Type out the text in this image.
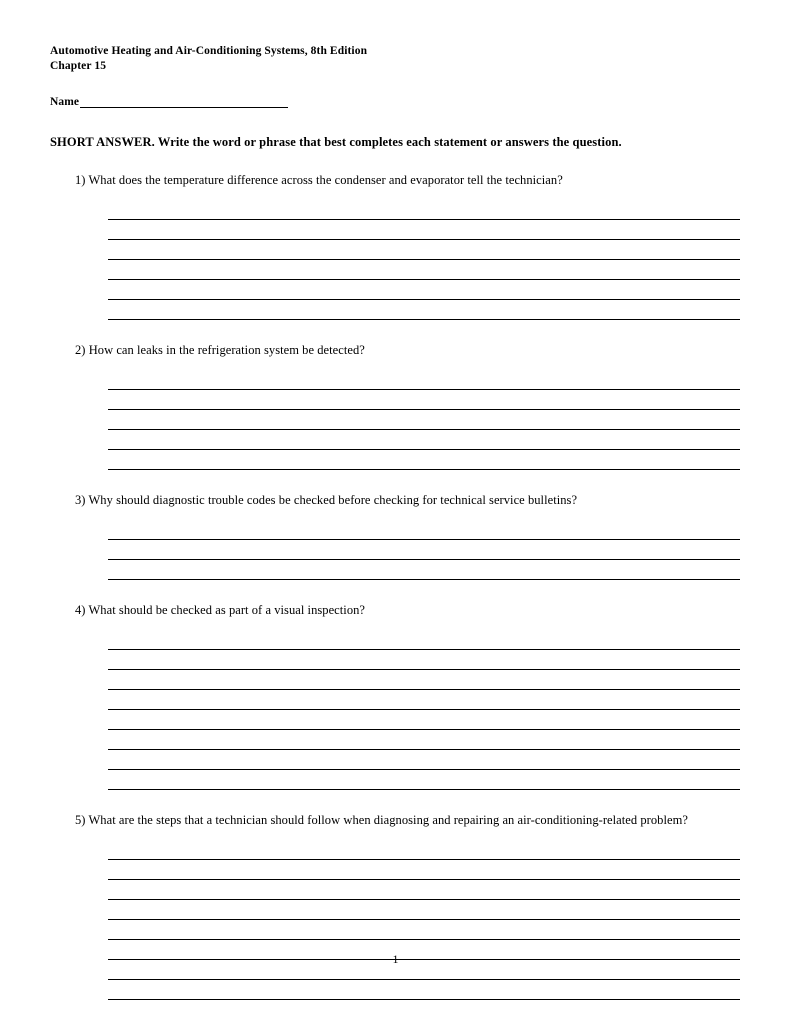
Automotive Heating and Air-Conditioning Systems, 8th Edition
Chapter 15
Name
SHORT ANSWER. Write the word or phrase that best completes each statement or answers the question.
1) What does the temperature difference across the condenser and evaporator tell the technician?
2) How can leaks in the refrigeration system be detected?
3) Why should diagnostic trouble codes be checked before checking for technical service bulletins?
4) What should be checked as part of a visual inspection?
5) What are the steps that a technician should follow when diagnosing and repairing an air-conditioning-related problem?
1
